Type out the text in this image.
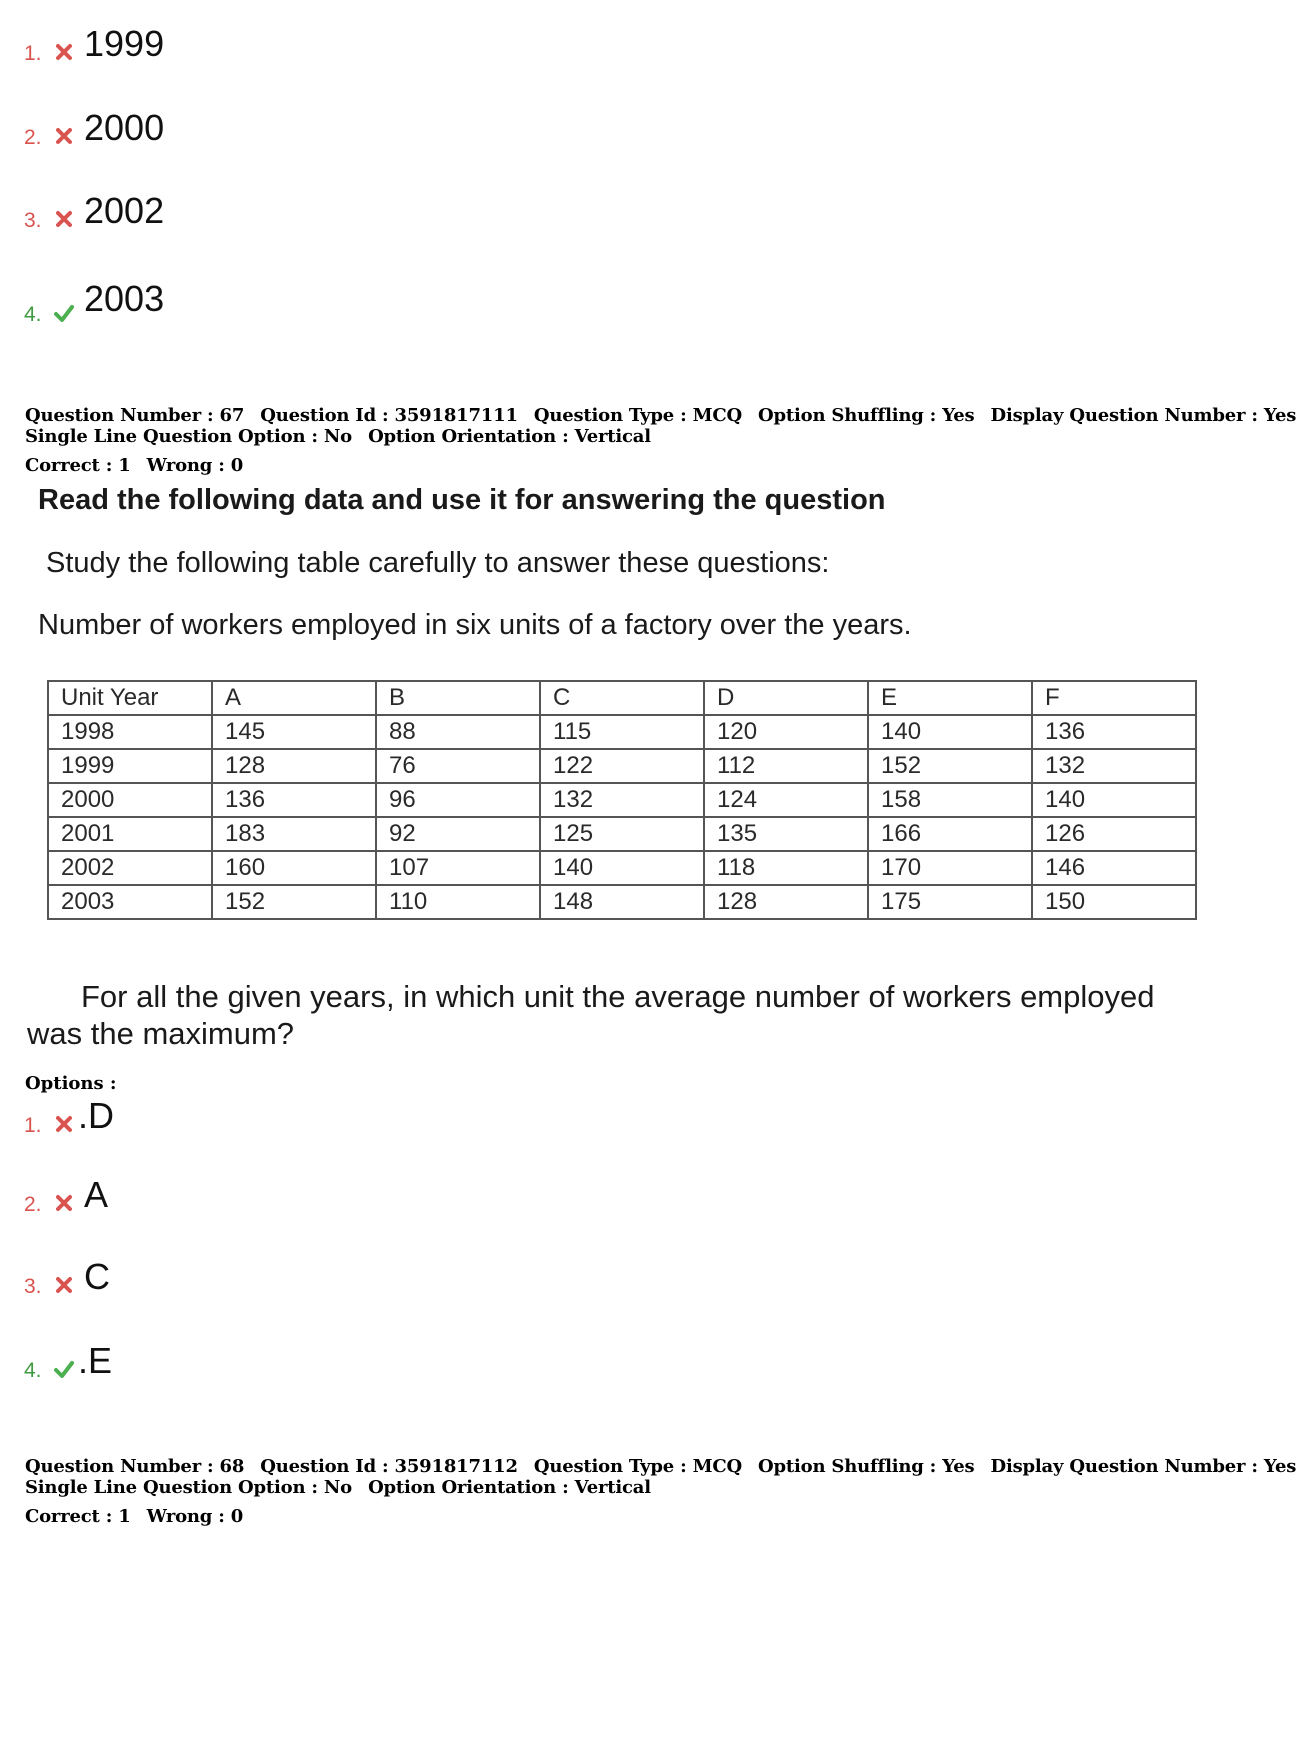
1. 1999
2. 2000
3. 2002
4. 2003
Question Number : 67 Question Id : 3591817111 Question Type : MCQ Option Shuffling : Yes Display Question Number : Yes
Single Line Question Option : No Option Orientation : Vertical
Correct : 1 Wrong : 0
Read the following data and use it for answering the question
Study the following table carefully to answer these questions:
Number of workers employed in six units of a factory over the years.
Unit Year	A	B	C	D	E	F
1998	145	88	115	120	140	136
1999	128	76	122	112	152	132
2000	136	96	132	124	158	140
2001	183	92	125	135	166	126
2002	160	107	140	118	170	146
2003	152	110	148	128	175	150
For all the given years, in which unit the average number of workers employed was the maximum?
Options :
1. .D
2. A
3. C
4. .E
Question Number : 68 Question Id : 3591817112 Question Type : MCQ Option Shuffling : Yes Display Question Number : Yes
Single Line Question Option : No Option Orientation : Vertical
Correct : 1 Wrong : 0
